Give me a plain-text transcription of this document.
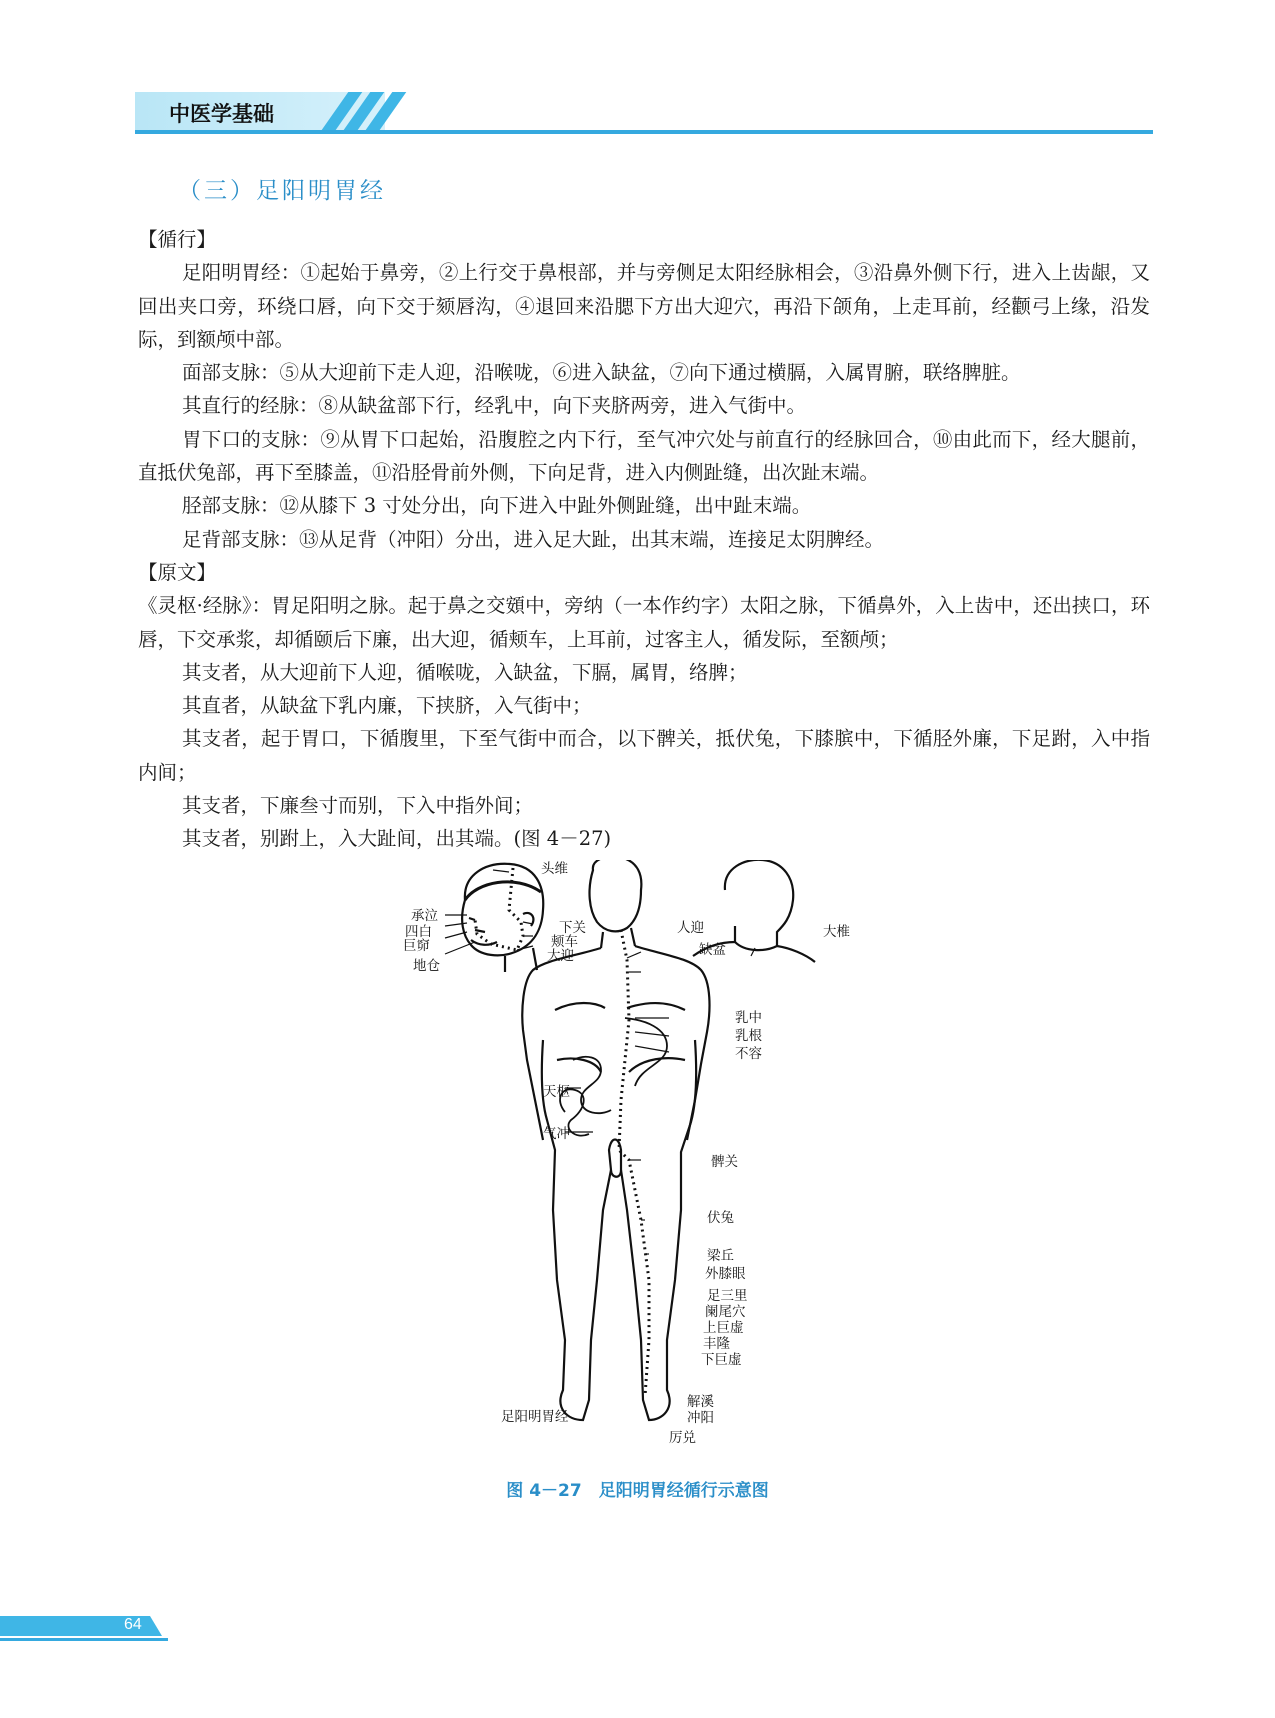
中医学基础
（三）足阳明胃经

【循行】

足阳明胃经：①起始于鼻旁，②上行交于鼻根部，并与旁侧足太阳经脉相会，③沿鼻外侧下行，进入上齿龈，又回出夹口旁，环绕口唇，向下交于颏唇沟，④退回来沿腮下方出大迎穴，再沿下颌角，上走耳前，经颧弓上缘，沿发际，到额颅中部。

面部支脉：⑤从大迎前下走人迎，沿喉咙，⑥进入缺盆，⑦向下通过横膈，入属胃腑，联络脾脏。

其直行的经脉：⑧从缺盆部下行，经乳中，向下夹脐两旁，进入气街中。

胃下口的支脉：⑨从胃下口起始，沿腹腔之内下行，至气冲穴处与前直行的经脉回合，⑩由此而下，经大腿前，直抵伏兔部，再下至膝盖，⑪沿胫骨前外侧，下向足背，进入内侧趾缝，出次趾末端。

胫部支脉：⑫从膝下 3 寸处分出，向下进入中趾外侧趾缝，出中趾末端。

足背部支脉：⑬从足背（冲阳）分出，进入足大趾，出其末端，连接足太阴脾经。

【原文】

《灵枢·经脉》：胃足阳明之脉。起于鼻之交頞中，旁纳（一本作约字）太阳之脉，下循鼻外，入上齿中，还出挟口，环唇，下交承浆，却循颐后下廉，出大迎，循颊车，上耳前，过客主人，循发际，至额颅；

其支者，从大迎前下人迎，循喉咙，入缺盆，下膈，属胃，络脾；

其直者，从缺盆下乳内廉，下挟脐，入气街中；

其支者，起于胃口，下循腹里，下至气街中而合，以下髀关，抵伏兔，下膝膑中，下循胫外廉，下足跗，入中指内间；

其支者，下廉叁寸而别，下入中指外间；

其支者，别跗上，入大趾间，出其端。(图 4－27)

头维
承泣
四白
巨窌
地仓
下关
颊车
大迎
人迎
缺盆
大椎
乳中
乳根
不容
天枢
气冲
髀关
伏兔
梁丘
外膝眼
足三里
阑尾穴
上巨虚
丰隆
下巨虚
解溪
冲阳
厉兑
足阳明胃经
图 4－27　足阳明胃经循行示意图
64
